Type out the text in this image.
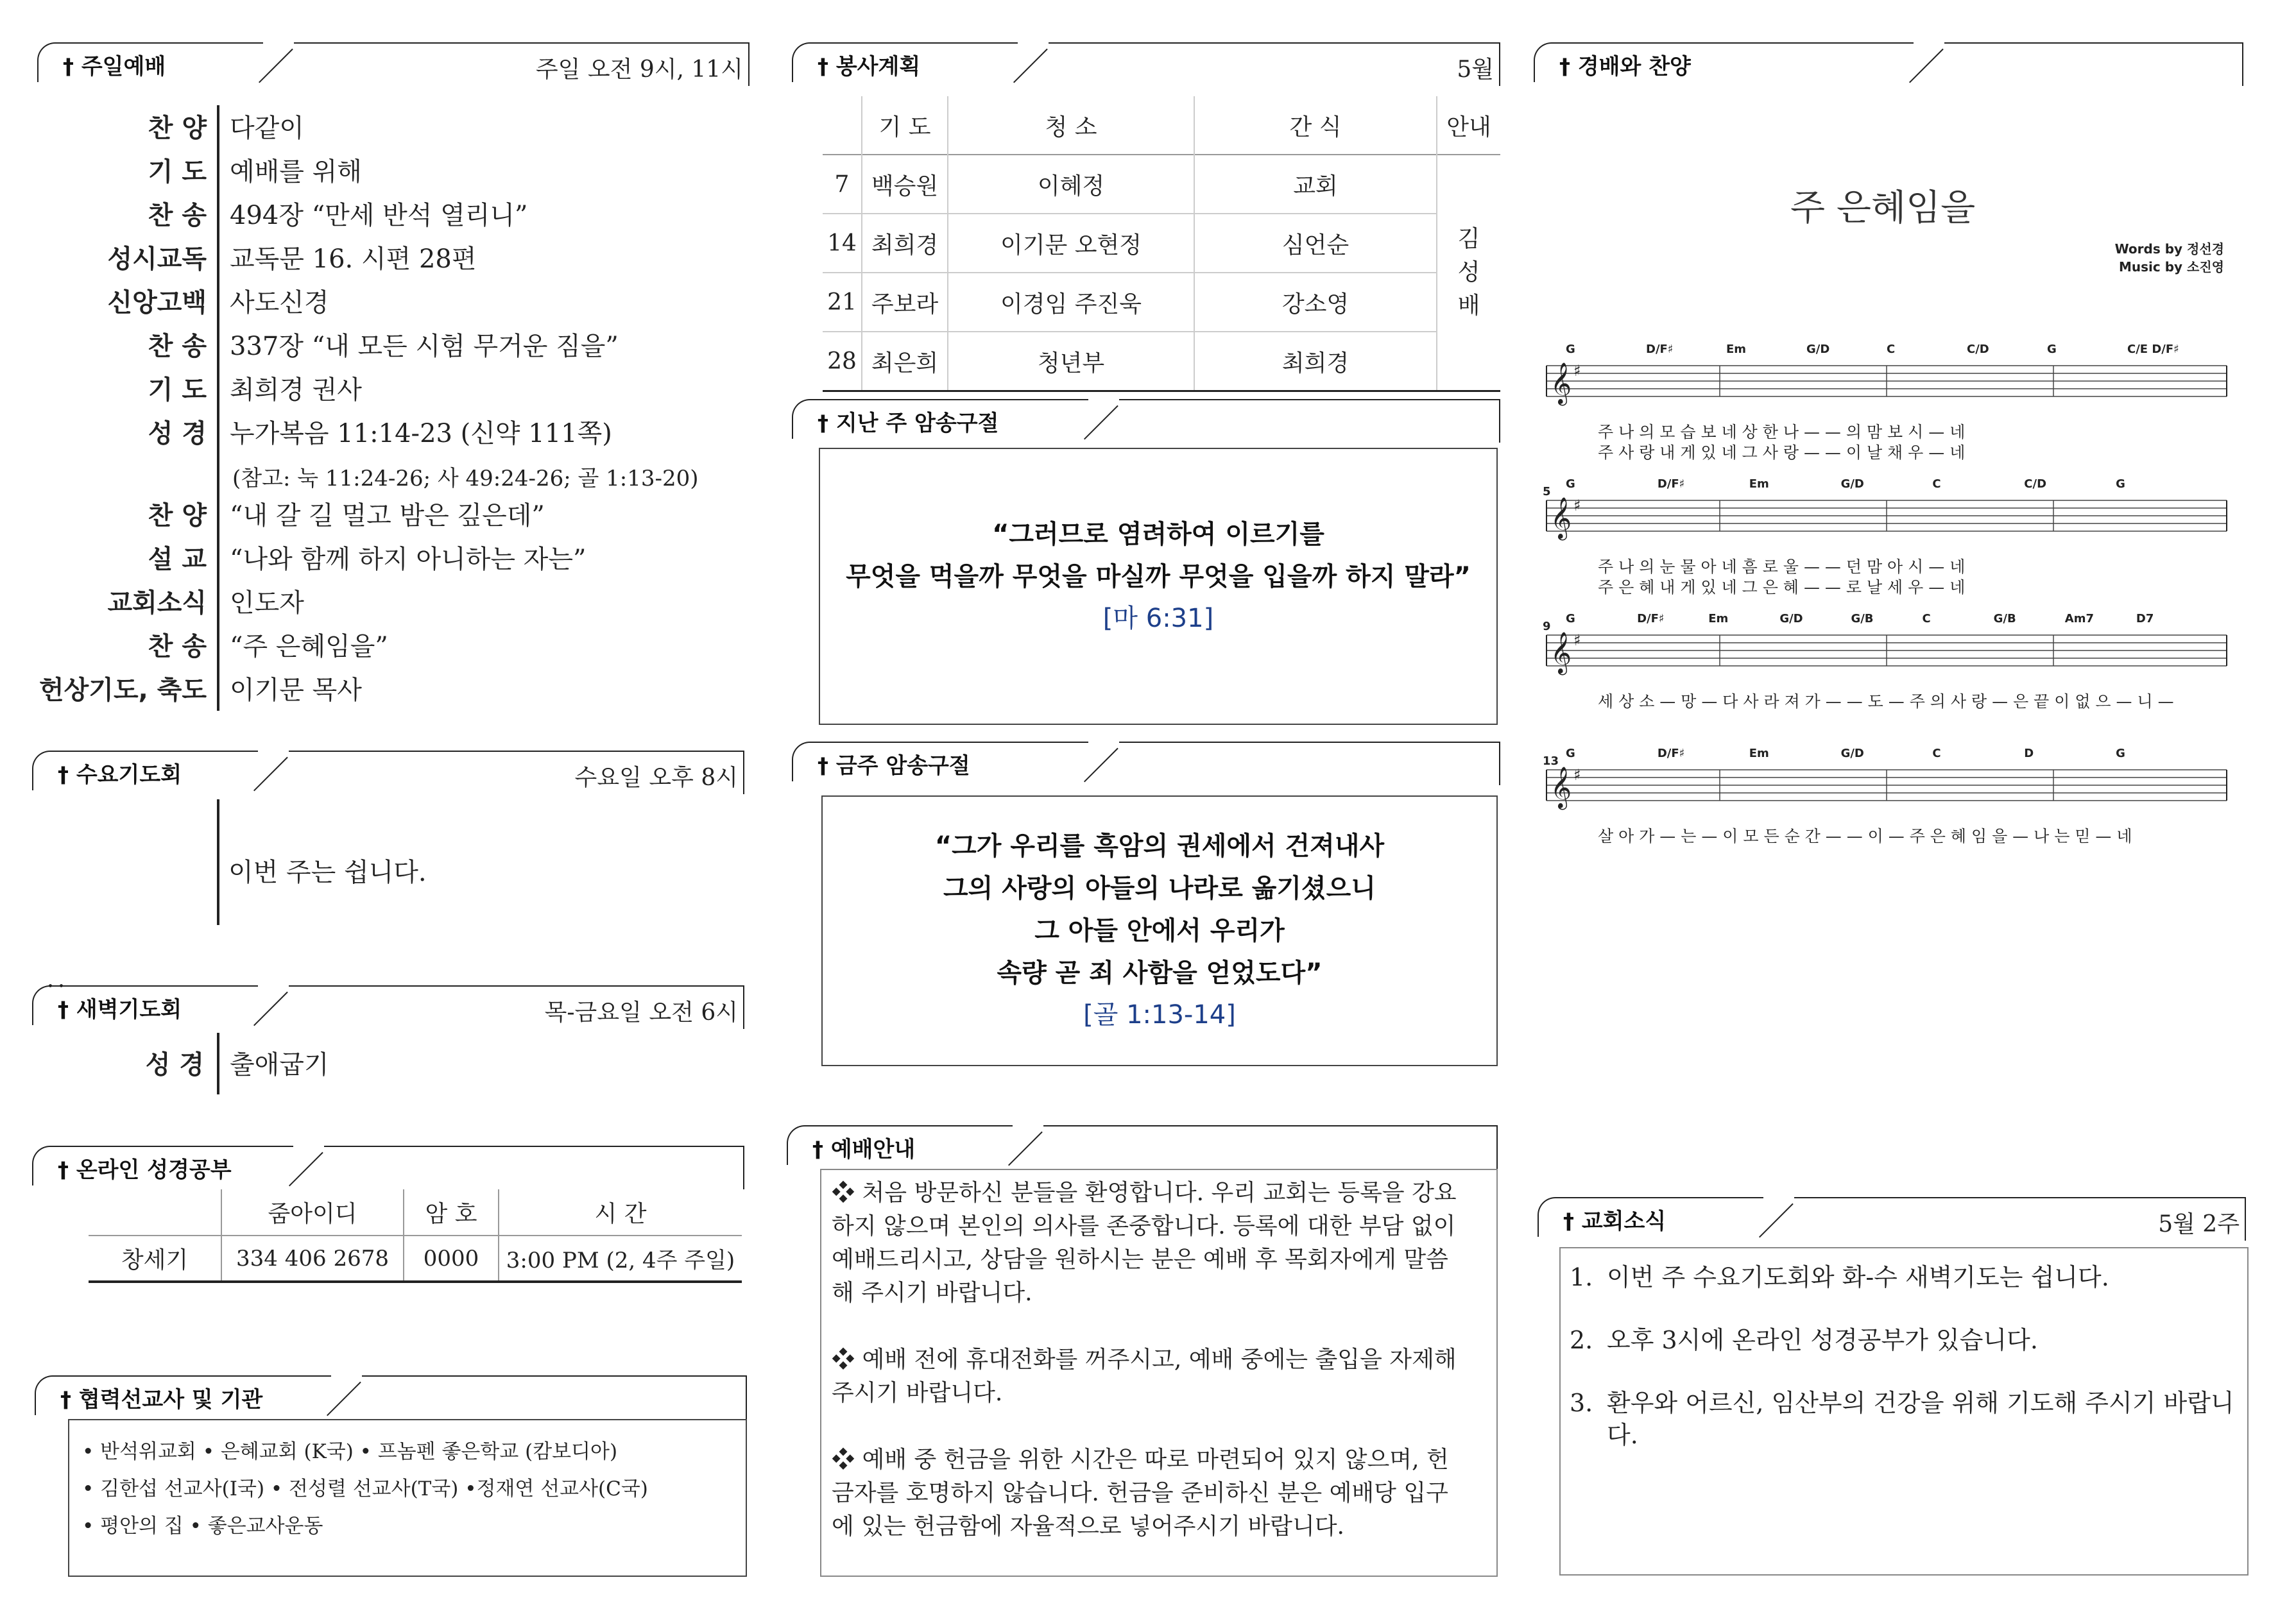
† 주일예배	주일 오전 9시, 11시
찬 양 다같이
기 도 예배를 위해
찬 송 494장 “만세 반석 열리니”
성시교독 교독문 16. 시편 28편
신앙고백 사도신경
찬 송 337장 “내 모든 시험 무거운 짐을”
기 도 최희경 권사
성 경 누가복음 11:14-23 (신약 111쪽)
(참고: 눅 11:24-26; 사 49:24-26; 골 1:13-20)
찬 양 “내 갈 길 멀고 밤은 깊은데”
설 교 “나와 함께 하지 아니하는 자는”
교회소식 인도자
찬 송 “주 은혜임을”
헌상기도, 축도 이기문 목사
† 수요기도회	수요일 오후 8시
이번 주는 쉽니다.
˙˙
† 새벽기도회	목-금요일 오전 6시
성 경 출애굽기
† 온라인 성경공부
	줌아이디	암 호	시 간
창세기	334 406 2678	0000	3:00 PM (2, 4주 주일)
† 협력선교사 및 기관
• 반석위교회 • 은혜교회 (K국) • 프놈펜 좋은학교 (캄보디아)
• 김한섭 선교사(I국) • 전성렬 선교사(T국) •정재연 선교사(C국)
• 평안의 집 • 좋은교사운동
† 봉사계획	5월
	기 도	청 소	간 식	안내
7	백승원	이혜정	교회	김
성
배

14	최희경	이기문 오현정	심언순	
21	주보라	이경임 주진욱	강소영	
28	최은희	청년부	최희경	
† 지난 주 암송구절
“그러므로 염려하여 이르기를
무엇을 먹을까 무엇을 마실까 무엇을 입을까 하지 말라”
[마 6:31]
† 금주 암송구절
“그가 우리를 흑암의 권세에서 건져내사
그의 사랑의 아들의 나라로 옮기셨으니
그 아들 안에서 우리가
속량 곧 죄 사함을 얻었도다”
[골 1:13-14]
† 예배안내
❖ 처음 방문하신 분들을 환영합니다. 우리 교회는 등록을 강요
하지 않으며 본인의 의사를 존중합니다. 등록에 대한 부담 없이
예배드리시고, 상담을 원하시는 분은 예배 후 목회자에게 말씀
해 주시기 바랍니다.
❖ 예배 전에 휴대전화를 꺼주시고, 예배 중에는 출입을 자제해
주시기 바랍니다.
❖ 예배 중 헌금을 위한 시간은 따로 마련되어 있지 않으며, 헌
금자를 호명하지 않습니다. 헌금을 준비하신 분은 예배당 입구
에 있는 헌금함에 자율적으로 넣어주시기 바랍니다.
† 경배와 찬양
주 은혜임을
Words by 정선경
Music by 소진영
G	D/F♯	Em	G/D	C	C/D	G	C/E D/F♯
𝄞 ♯
주 나 의 모 습 보 네 상 한 나 — — 의 맘 보 시 — 네
주 사 랑 내 게 있 네 그 사 랑 — — 이 날 채 우 — 네
5
G	D/F♯	Em	G/D	C	C/D	G
𝄞 ♯
주 나 의 눈 물 아 네 흠 로 울 — — 던 맘 아 시 — 네
주 은 혜 내 게 있 네 그 은 혜 — — 로 날 세 우 — 네
9
G	D/F♯	Em	G/D	G/B	C	G/B	Am7	D7
𝄞 ♯
세 상 소 — 망 — 다 사 라 져 가 — — 도 — 주 의 사 랑 — 은 끝 이 없 으 — 니 —
13
G	D/F♯	Em	G/D	C	D	G
𝄞 ♯
살 아 가 — 는 — 이 모 든 순 간 — — 이 — 주 은 혜 임 을 — 나 는 믿 — 네
† 교회소식	5월 2주
1. 이번 주 수요기도회와 화-수 새벽기도는 쉽니다.
2. 오후 3시에 온라인 성경공부가 있습니다.
3. 환우와 어르신, 임산부의 건강을 위해 기도해 주시기 바랍니다.
